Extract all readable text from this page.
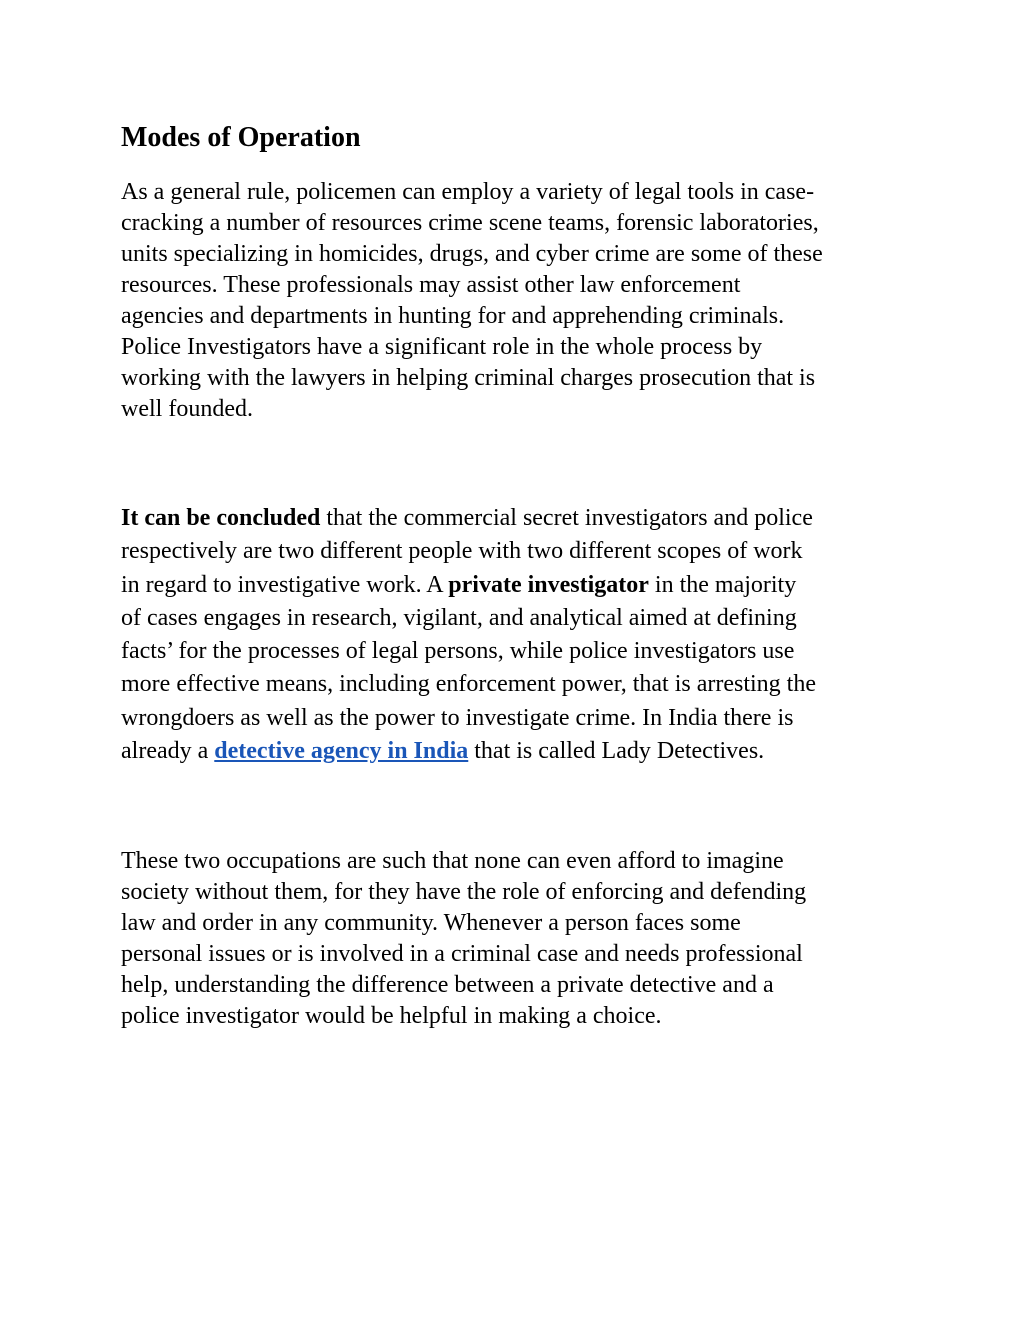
Modes of Operation

As a general rule, policemen can employ a variety of legal tools in case-
cracking a number of resources crime scene teams, forensic laboratories,
units specializing in homicides, drugs, and cyber crime are some of these
resources. These professionals may assist other law enforcement
agencies and departments in hunting for and apprehending criminals.
Police Investigators have a significant role in the whole process by
working with the lawyers in helping criminal charges prosecution that is
well founded.

It can be concluded that the commercial secret investigators and police
respectively are two different people with two different scopes of work
in regard to investigative work. A private investigator in the majority
of cases engages in research, vigilant, and analytical aimed at defining
facts’ for the processes of legal persons, while police investigators use
more effective means, including enforcement power, that is arresting the
wrongdoers as well as the power to investigate crime. In India there is
already a detective agency in India that is called Lady Detectives.

These two occupations are such that none can even afford to imagine
society without them, for they have the role of enforcing and defending
law and order in any community. Whenever a person faces some
personal issues or is involved in a criminal case and needs professional
help, understanding the difference between a private detective and a
police investigator would be helpful in making a choice.
